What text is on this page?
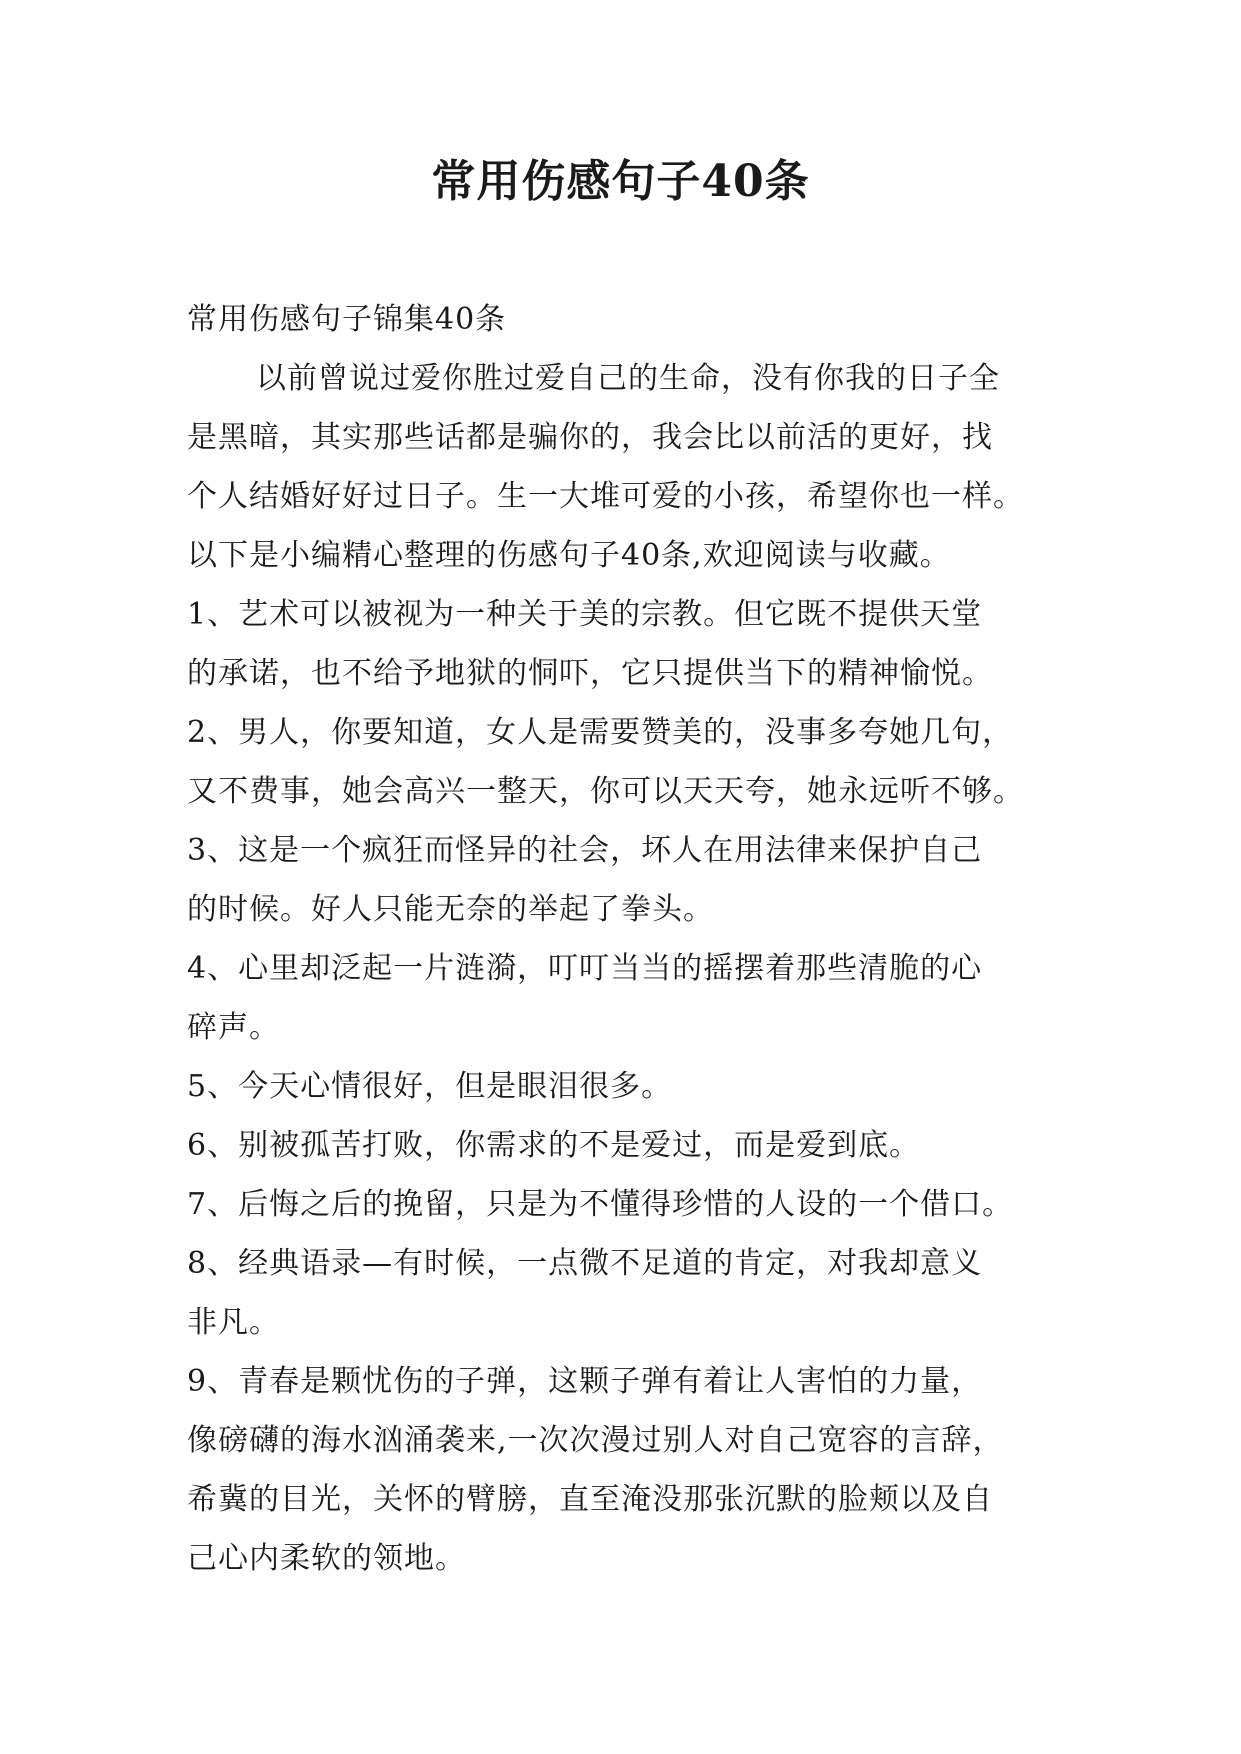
常用伤感句子40条
常用伤感句子锦集40条
以前曾说过爱你胜过爱自己的生命，没有你我的日子全
是黑暗，其实那些话都是骗你的，我会比以前活的更好，找
个人结婚好好过日子。生一大堆可爱的小孩，希望你也一样。
以下是小编精心整理的伤感句子40条,欢迎阅读与收藏。
1、艺术可以被视为一种关于美的宗教。但它既不提供天堂
的承诺，也不给予地狱的恫吓，它只提供当下的精神愉悦。
2、男人，你要知道，女人是需要赞美的，没事多夸她几句，
又不费事，她会高兴一整天，你可以天天夸，她永远听不够。
3、这是一个疯狂而怪异的社会，坏人在用法律来保护自己
的时候。好人只能无奈的举起了拳头。
4、心里却泛起一片涟漪，叮叮当当的摇摆着那些清脆的心
碎声。
5、今天心情很好，但是眼泪很多。
6、别被孤苦打败，你需求的不是爱过，而是爱到底。
7、后悔之后的挽留，只是为不懂得珍惜的人设的一个借口。
8、经典语录—有时候，一点微不足道的肯定，对我却意义
非凡。
9、青春是颗忧伤的子弹，这颗子弹有着让人害怕的力量，
像磅礴的海水汹涌袭来,一次次漫过别人对自己宽容的言辞，
希冀的目光，关怀的臂膀，直至淹没那张沉默的脸颊以及自
己心内柔软的领地。
